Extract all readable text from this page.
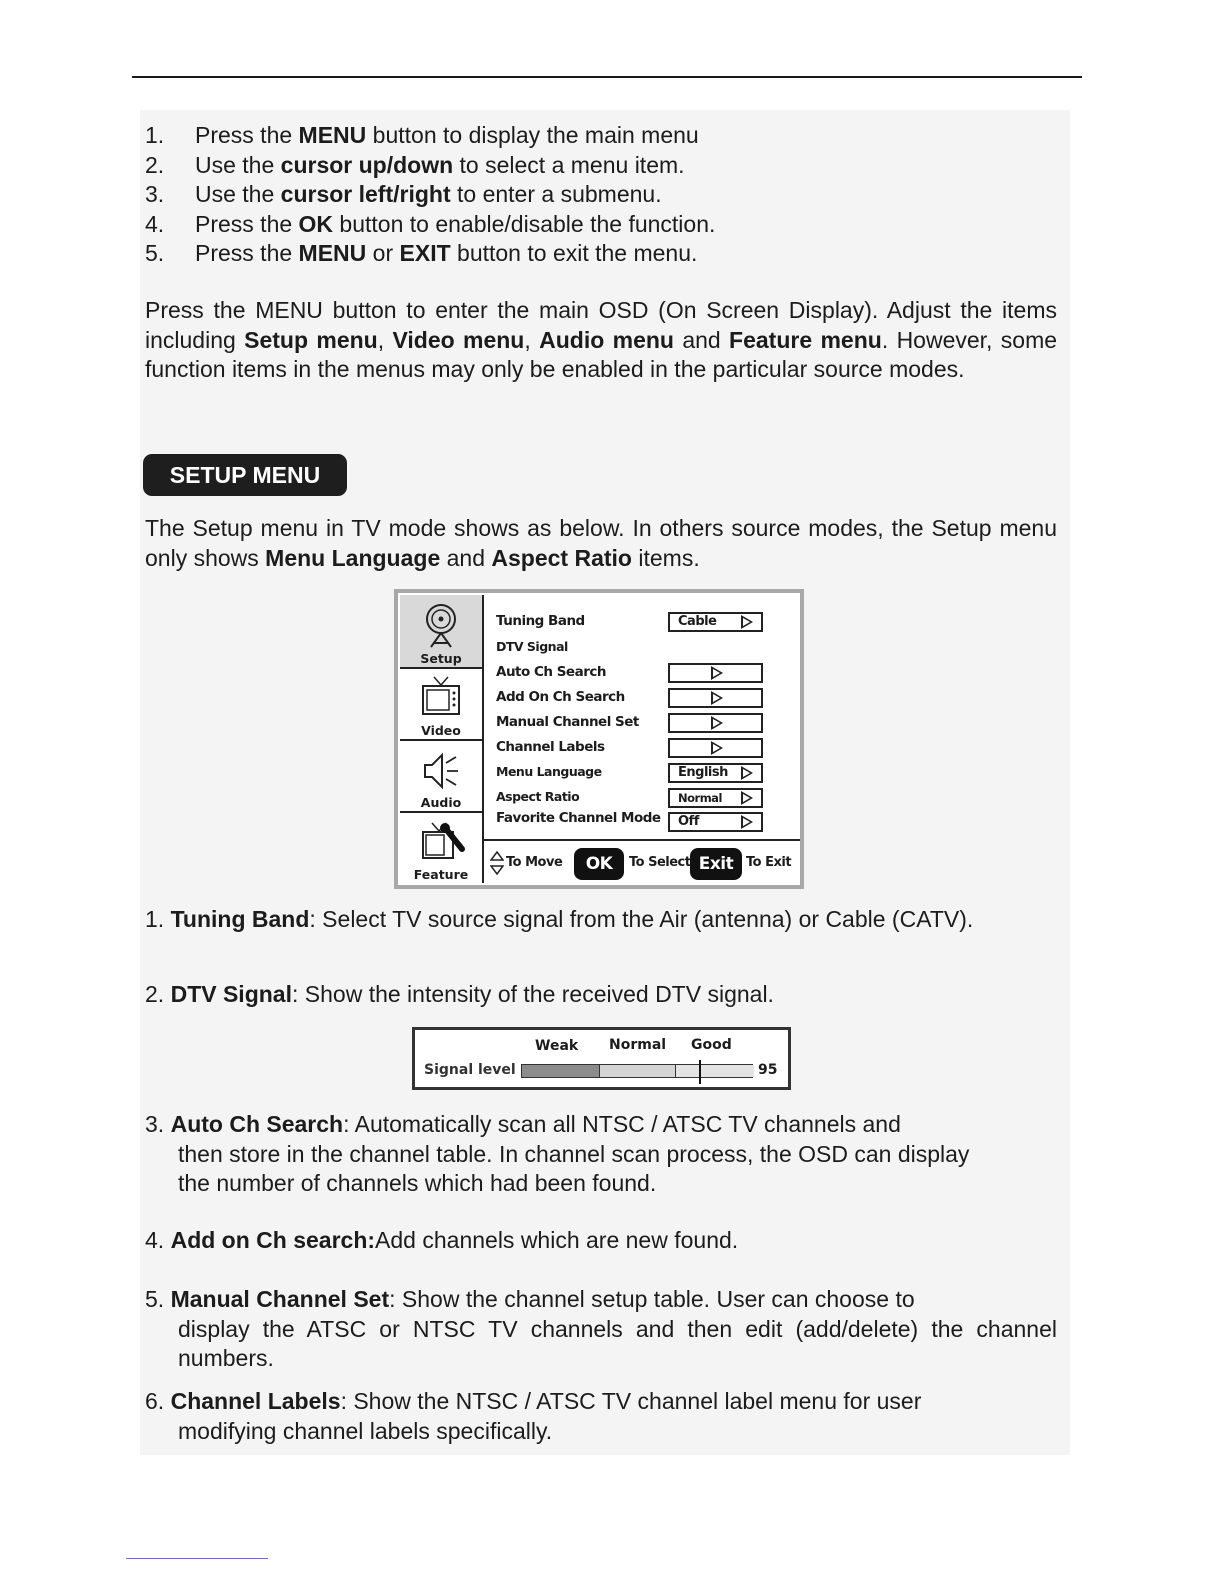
1.	Press the MENU button to display the main menu
2.	Use the cursor up/down to select a menu item.
3.	Use the cursor left/right to enter a submenu.
4.	Press the OK button to enable/disable the function.
5.	Press the MENU or EXIT button to exit the menu.

Press the MENU button to enter the main OSD (On Screen Display). Adjust the items including Setup menu, Video menu, Audio menu and Feature menu. However, some function items in the menus may only be enabled in the particular source modes.

SETUP MENU

The Setup menu in TV mode shows as below. In others source modes, the Setup menu only shows Menu Language and Aspect Ratio items.

Setup
Video
Audio
Feature
Tuning Band	Cable
DTV Signal
Auto Ch Search
Add On Ch Search
Manual Channel Set
Channel Labels
Menu Language	English
Aspect Ratio	Normal
Favorite Channel Mode	Off
To Move	OK	To Select Exit To Exit
1. Tuning Band: Select TV source signal from the Air (antenna) or Cable (CATV).
2. DTV Signal: Show the intensity of the received DTV signal.
3. Auto Ch Search: Automatically scan all NTSC / ATSC TV channels and
then store in the channel table. In channel scan process, the OSD can display the number of channels which had been found.
4. Add on Ch search:Add channels which are new found.
5. Manual Channel Set: Show the channel setup table. User can choose to
display the ATSC or NTSC TV channels and then edit (add/delete) the channel numbers.
6. Channel Labels: Show the NTSC / ATSC TV channel label menu for user
modifying channel labels specifically.
Weak Normal Good
Signal level	95
